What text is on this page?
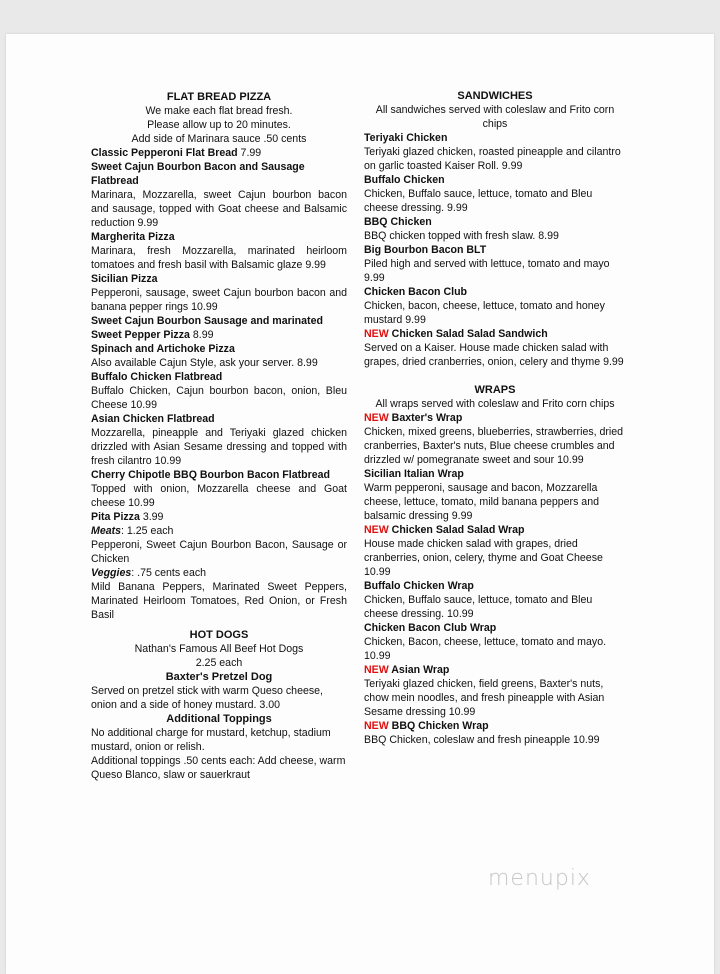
FLAT BREAD PIZZA
We make each flat bread fresh.
Please allow up to 20 minutes.
Add side of Marinara sauce .50 cents
Classic Pepperoni Flat Bread 7.99
Sweet Cajun Bourbon Bacon and Sausage Flatbread
Marinara, Mozzarella, sweet Cajun bourbon bacon and sausage, topped with Goat cheese and Balsamic reduction 9.99
Margherita Pizza
Marinara, fresh Mozzarella, marinated heirloom tomatoes and fresh basil with Balsamic glaze 9.99
Sicilian Pizza
Pepperoni, sausage, sweet Cajun bourbon bacon and banana pepper rings 10.99
Sweet Cajun Bourbon Sausage and marinated Sweet Pepper Pizza 8.99
Spinach and Artichoke Pizza
Also available Cajun Style, ask your server. 8.99
Buffalo Chicken Flatbread
Buffalo Chicken, Cajun bourbon bacon, onion, Bleu Cheese 10.99
Asian Chicken Flatbread
Mozzarella, pineapple and Teriyaki glazed chicken drizzled with Asian Sesame dressing and topped with fresh cilantro 10.99
Cherry Chipotle BBQ Bourbon Bacon Flatbread
Topped with onion, Mozzarella cheese and Goat cheese 10.99
Pita Pizza 3.99
Meats: 1.25 each
Pepperoni, Sweet Cajun Bourbon Bacon, Sausage or Chicken
Veggies: .75 cents each
Mild Banana Peppers, Marinated Sweet Peppers, Marinated Heirloom Tomatoes, Red Onion, or Fresh Basil
HOT DOGS
Nathan's Famous All Beef Hot Dogs
2.25 each
Baxter's Pretzel Dog
Served on pretzel stick with warm Queso cheese, onion and a side of honey mustard. 3.00
Additional Toppings
No additional charge for mustard, ketchup, stadium mustard, onion or relish.
Additional toppings .50 cents each: Add cheese, warm Queso Blanco, slaw or sauerkraut
SANDWICHES
All sandwiches served with coleslaw and Frito corn chips
Teriyaki Chicken
Teriyaki glazed chicken, roasted pineapple and cilantro on garlic toasted Kaiser Roll. 9.99
Buffalo Chicken
Chicken, Buffalo sauce, lettuce, tomato and Bleu cheese dressing. 9.99
BBQ Chicken
BBQ chicken topped with fresh slaw. 8.99
Big Bourbon Bacon BLT
Piled high and served with lettuce, tomato and mayo 9.99
Chicken Bacon Club
Chicken, bacon, cheese, lettuce, tomato and honey mustard 9.99
NEW Chicken Salad Salad Sandwich
Served on a Kaiser. House made chicken salad with grapes, dried cranberries, onion, celery and thyme 9.99
WRAPS
All wraps served with coleslaw and Frito corn chips
NEW Baxter's Wrap
Chicken, mixed greens, blueberries, strawberries, dried cranberries, Baxter's nuts, Blue cheese crumbles and drizzled w/ pomegranate sweet and sour 10.99
Sicilian Italian Wrap
Warm pepperoni, sausage and bacon, Mozzarella cheese, lettuce, tomato, mild banana peppers and balsamic dressing 9.99
NEW Chicken Salad Salad Wrap
House made chicken salad with grapes, dried cranberries, onion, celery, thyme and Goat Cheese 10.99
Buffalo Chicken Wrap
Chicken, Buffalo sauce, lettuce, tomato and Bleu cheese dressing. 10.99
Chicken Bacon Club Wrap
Chicken, Bacon, cheese, lettuce, tomato and mayo. 10.99
NEW Asian Wrap
Teriyaki glazed chicken, field greens, Baxter's nuts, chow mein noodles, and fresh pineapple with Asian Sesame dressing 10.99
NEW BBQ Chicken Wrap
BBQ Chicken, coleslaw and fresh pineapple 10.99
menupix
